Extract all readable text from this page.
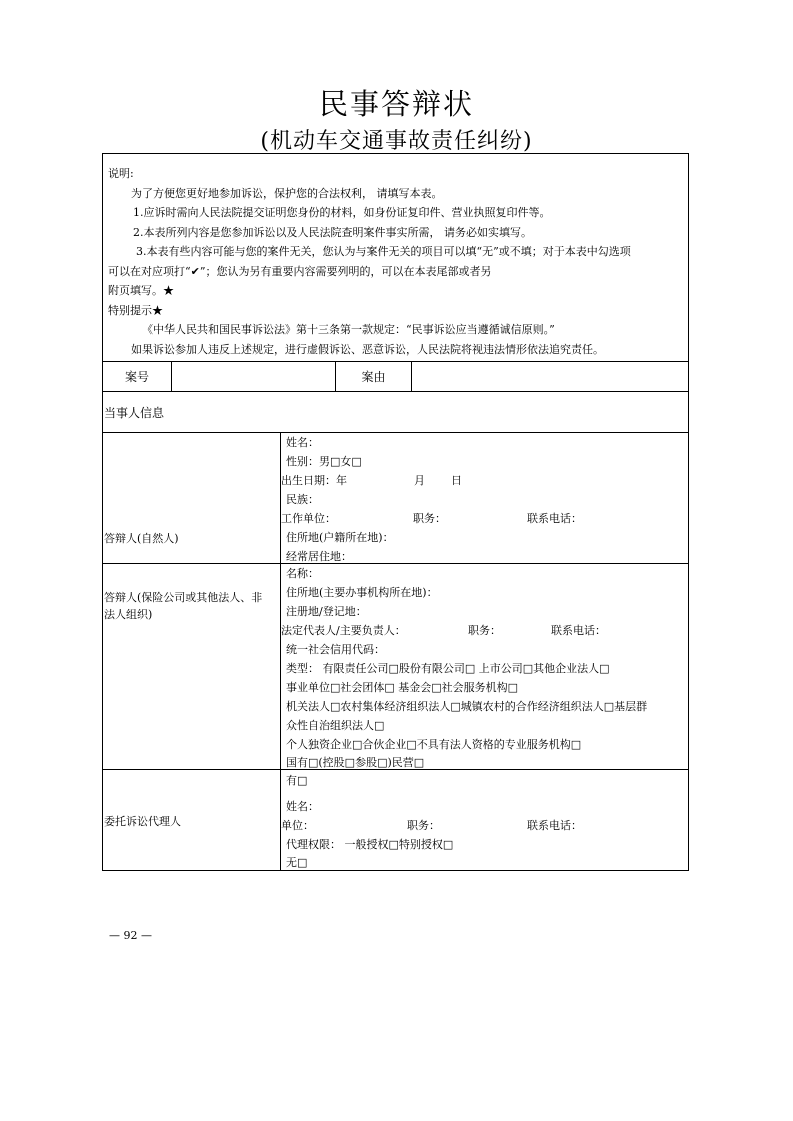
民事答辩状
(机动车交通事故责任纠纷)
说明:
为了方便您更好地参加诉讼，保护您的合法权利， 请填写本表。
1.应诉时需向人民法院提交证明您身份的材料，如身份证复印件、营业执照复印件等。
2.本表所列内容是您参加诉讼以及人民法院查明案件事实所需， 请务必如实填写。
3.本表有些内容可能与您的案件无关，您认为与案件无关的项目可以填“无”或不填；对于本表中勾选项
可以在对应项打“✔”；您认为另有重要内容需要列明的，可以在本表尾部或者另
附页填写。★
特别提示★
《中华人民共和国民事诉讼法》第十三条第一款规定：“民事诉讼应当遵循诚信原则。”
如果诉讼参加人违反上述规定，进行虚假诉讼、恶意诉讼，人民法院将视违法情形依法追究责任。
案号	案由
当事人信息
答辩人(自然人)
姓名：
性别：男□女□
出生日期：年	月 日
民族：
工作单位：	职务：	联系电话：
住所地(户籍所在地)：
经常居住地：
答辩人(保险公司或其他法人、非
法人组织)
名称：
住所地(主要办事机构所在地)：
注册地/登记地：
法定代表人/主要负责人：	职务：	联系电话：
统一社会信用代码：
类型： 有限责任公司□股份有限公司□ 上市公司□其他企业法人□
事业单位□社会团体□ 基金会□社会服务机构□
机关法人□农村集体经济组织法人□城镇农村的合作经济组织法人□基层群
众性自治组织法人□
个人独资企业□合伙企业□不具有法人资格的专业服务机构□
国有□(控股□参股□)民营□
委托诉讼代理人
有□
姓名：
单位：	职务：	联系电话：
代理权限： 一般授权□特别授权□
无□
— 92 —
